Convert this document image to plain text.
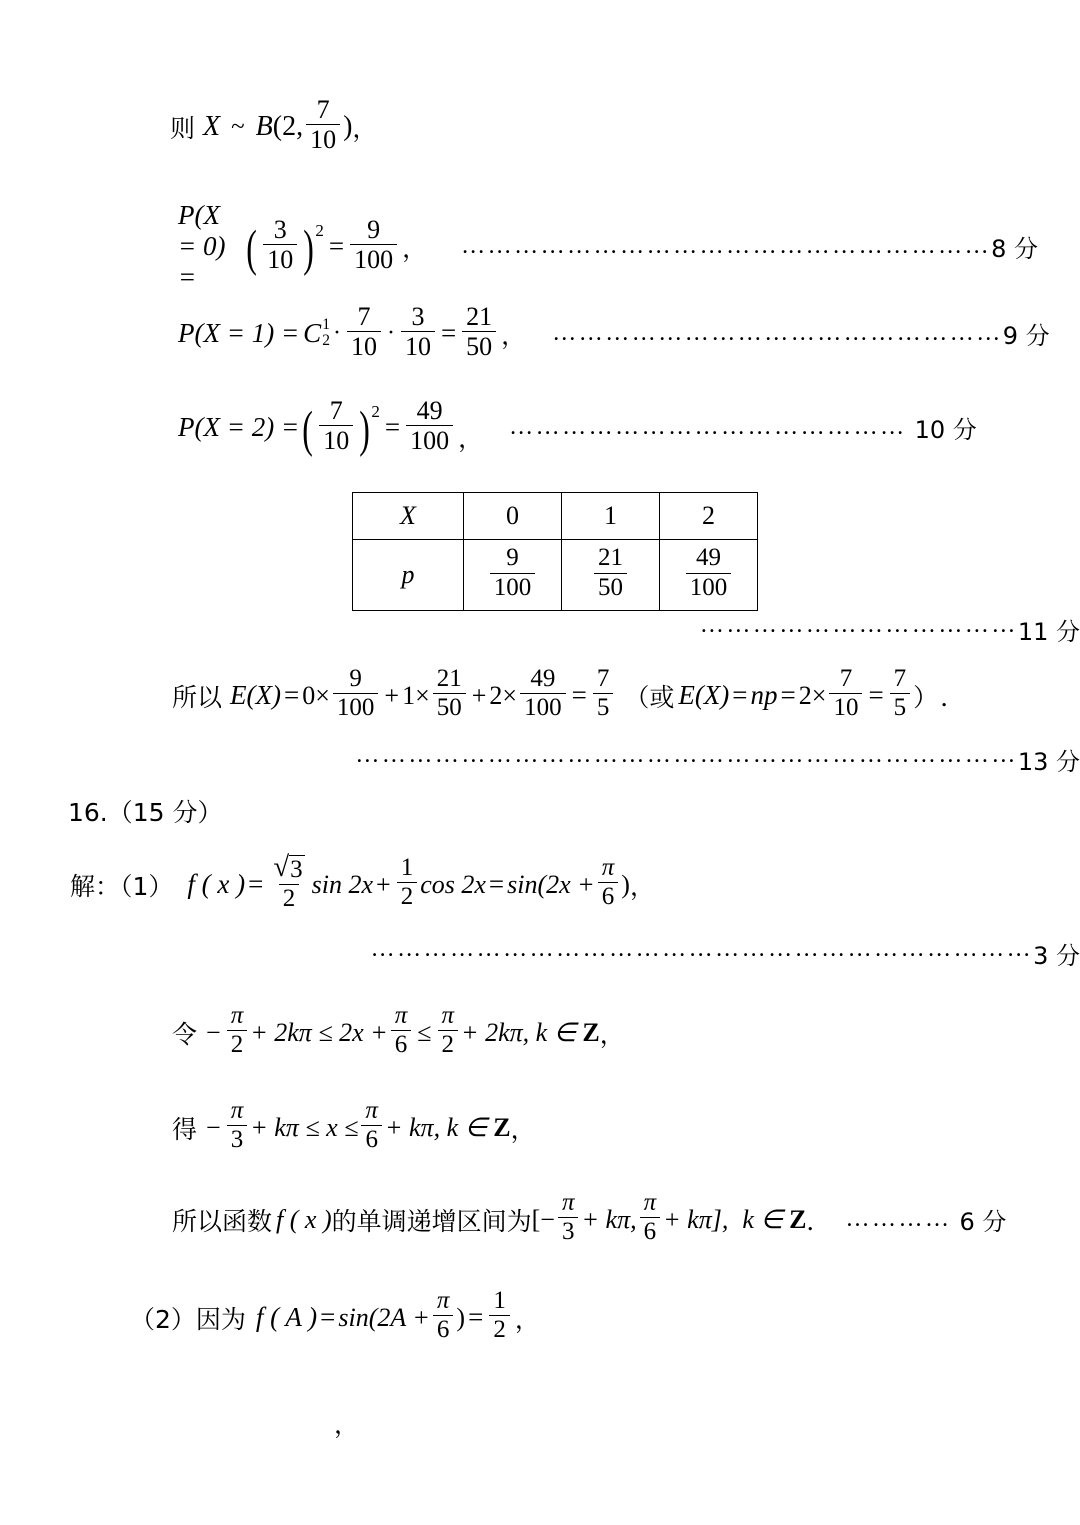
则 X ~ B (2, $\frac{7}{10}$ ) ，
P(X = 0) = ( $\frac{3}{10}$ ) 2
= $\frac{9}{100}$ ， …………………………………………………… 8 分
P(X = 1) = C 1
$2 \cdot \frac{7}{10} \cdot \frac{3}{10} = \frac{21}{50}$ ， …………………………………………… 9 分
P(X = 2) = ( $\frac{7}{10}$ ) 2
= $\frac{49}{100}$ ， ……………………………………… 10 分
X	0	1	2
p	$\frac{9}{100}$	$\frac{21}{50}$	$\frac{49}{100}$
……………………………… 11 分
所以 $E(X) = 0\times \frac{9}{100} + 1\times \frac{21}{50} + 2\times \frac{49}{100} = \frac{7}{5}$ （或 E(X) = np = $2\times \frac{7}{10} = \frac{7}{5}$ ） ．
………………………………………………………………… 13 分
16.（15 分）
解：（1） f ( x ) = $\frac{√ 3}{2}$ $\sin 2x + \frac{1}{2}$ $\cos 2x = \sin(2x + \frac{\pi}{6}$ ) ，
………………………………………………………………… 3 分
令 − $\frac{\pi}{2} + 2k\pi \le 2x + \frac{\pi}{6} \le \frac{\pi}{2} + 2k\pi$, k ∈ Z ，
得 − $\frac{\pi}{3} + k\pi \le x \le \frac{\pi}{6} + k\pi$, k ∈ Z ，
所以函数 f ( x ) 的单调递增区间为 [− $\frac{\pi}{3} + k\pi$, $\frac{\pi}{6} + k\pi$], k ∈ Z ． ………… 6 分
（2）因为 f ( A ) = $\sin(2A + \frac{\pi}{6}$ ) = $\frac{1}{2}$ ，
，
